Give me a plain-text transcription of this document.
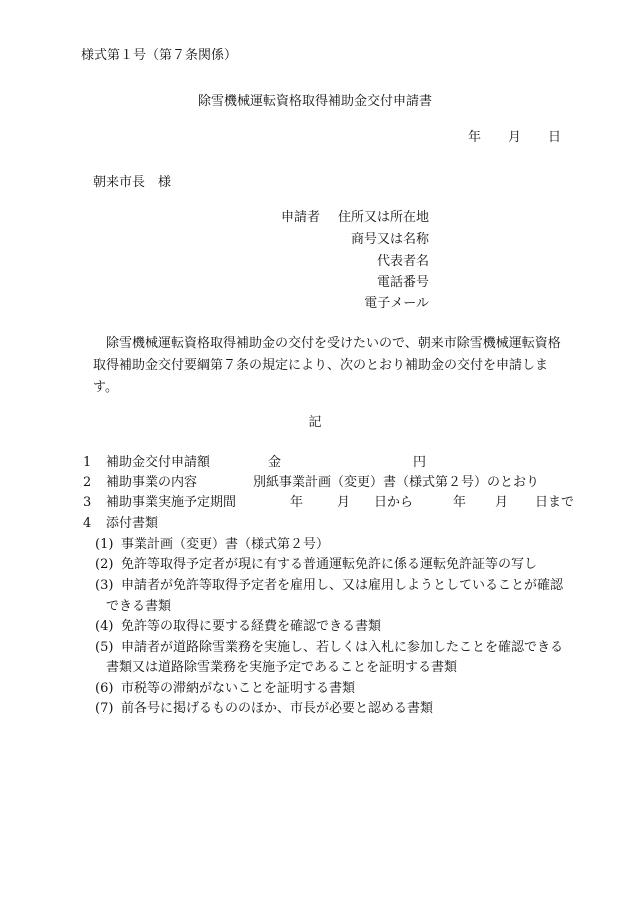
様式第１号（第７条関係）
除雪機械運転資格取得補助金交付申請書
年 月 日
朝来市長　様
申請者 住所又は所在地
商号又は名称
代表者名
電話番号
電子メール
除雪機械運転資格取得補助金の交付を受けたいので、朝来市除雪機械運転資格取得補助金交付要綱第７条の規定により、次のとおり補助金の交付を申請します。
記
1 補助金交付申請額	金	円
2 補助事業の内容	別紙事業計画（変更）書（様式第２号）のとおり
3 補助事業実施予定期間	年	月 日から	年 月 日まで
4 添付書類
(1) 事業計画（変更）書（様式第２号）
(2) 免許等取得予定者が現に有する普通運転免許に係る運転免許証等の写し
(3) 申請者が免許等取得予定者を雇用し、又は雇用しようとしていることが確認
できる書類
(4) 免許等の取得に要する経費を確認できる書類
(5) 申請者が道路除雪業務を実施し、若しくは入札に参加したことを確認できる
書類又は道路除雪業務を実施予定であることを証明する書類
(6) 市税等の滞納がないことを証明する書類
(7) 前各号に掲げるもののほか、市長が必要と認める書類
